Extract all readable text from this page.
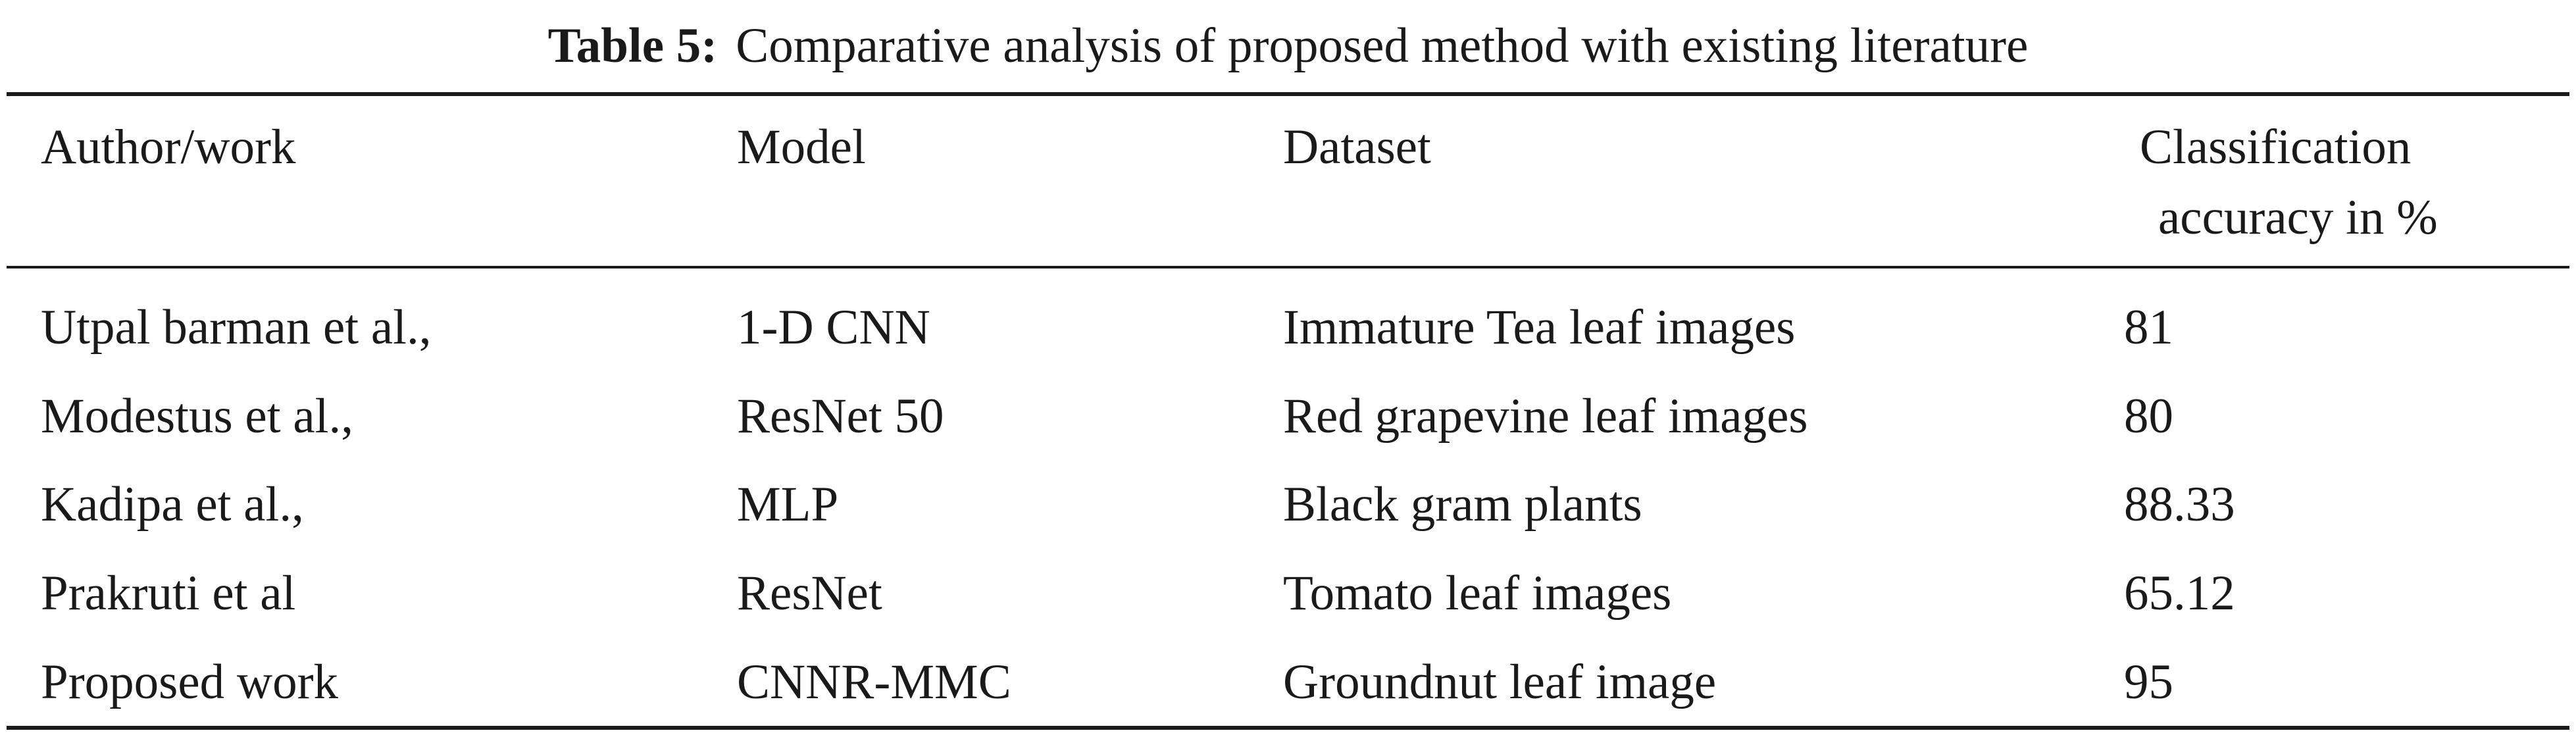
Table 5: Comparative analysis of proposed method with existing literature
Author/work	Model	Dataset	Classification
accuracy in %
Utpal barman et al.,	1-D CNN	Immature Tea leaf images	81
Modestus et al.,	ResNet 50	Red grapevine leaf images	80
Kadipa et al.,	MLP	Black gram plants	88.33
Prakruti et al	ResNet	Tomato leaf images	65.12
Proposed work	CNNR-MMC	Groundnut leaf image	95
